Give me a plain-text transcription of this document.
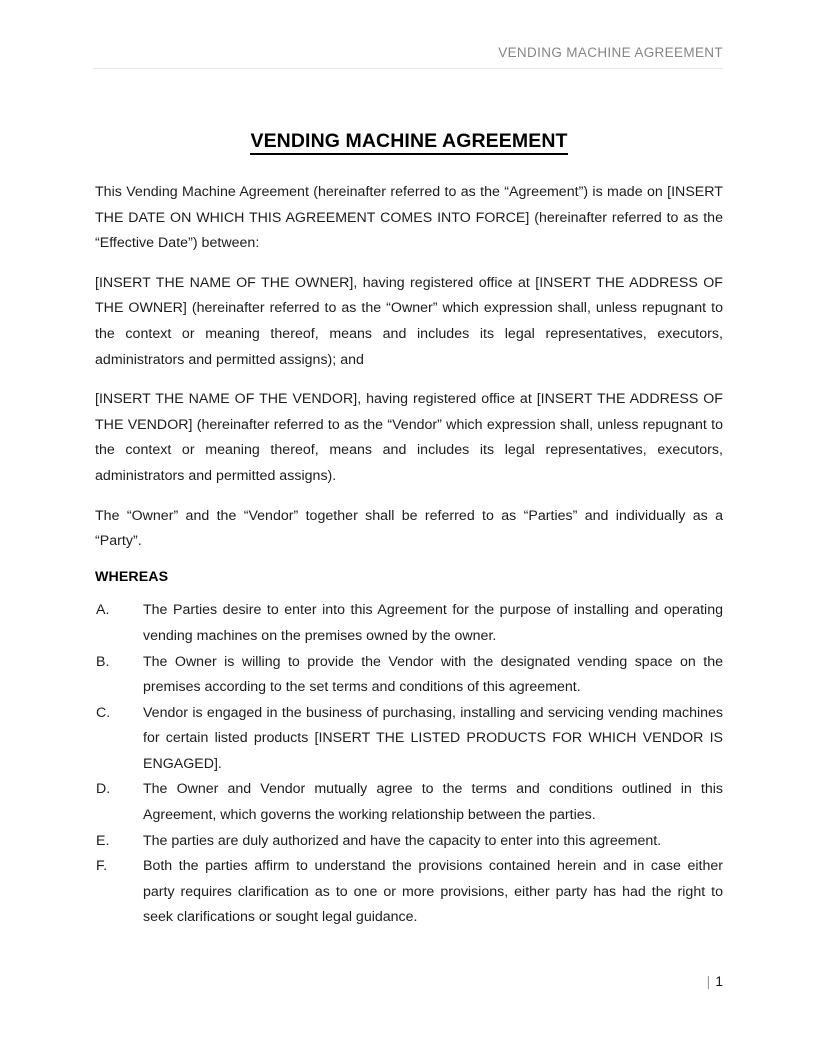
VENDING MACHINE AGREEMENT
VENDING MACHINE AGREEMENT

This Vending Machine Agreement (hereinafter referred to as the “Agreement”) is made on [INSERT THE DATE ON WHICH THIS AGREEMENT COMES INTO FORCE] (hereinafter referred to as the “Effective Date”) between:

[INSERT THE NAME OF THE OWNER], having registered office at [INSERT THE ADDRESS OF THE OWNER] (hereinafter referred to as the “Owner” which expression shall, unless repugnant to the context or meaning thereof, means and includes its legal representatives, executors, administrators and permitted assigns); and

[INSERT THE NAME OF THE VENDOR], having registered office at [INSERT THE ADDRESS OF THE VENDOR] (hereinafter referred to as the “Vendor” which expression shall, unless repugnant to the context or meaning thereof, means and includes its legal representatives, executors, administrators and permitted assigns).

The “Owner” and the “Vendor” together shall be referred to as “Parties” and individually as a “Party”.

WHEREAS
A.	The Parties desire to enter into this Agreement for the purpose of installing and operating vending machines on the premises owned by the owner.
B.	The Owner is willing to provide the Vendor with the designated vending space on the premises according to the set terms and conditions of this agreement.
C.	Vendor is engaged in the business of purchasing, installing and servicing vending machines for certain listed products [INSERT THE LISTED PRODUCTS FOR WHICH VENDOR IS ENGAGED].
D.	The Owner and Vendor mutually agree to the terms and conditions outlined in this Agreement, which governs the working relationship between the parties.
E.	The parties are duly authorized and have the capacity to enter into this agreement.
F.	Both the parties affirm to understand the provisions contained herein and in case either party requires clarification as to one or more provisions, either party has had the right to seek clarifications or sought legal guidance.
| 1
